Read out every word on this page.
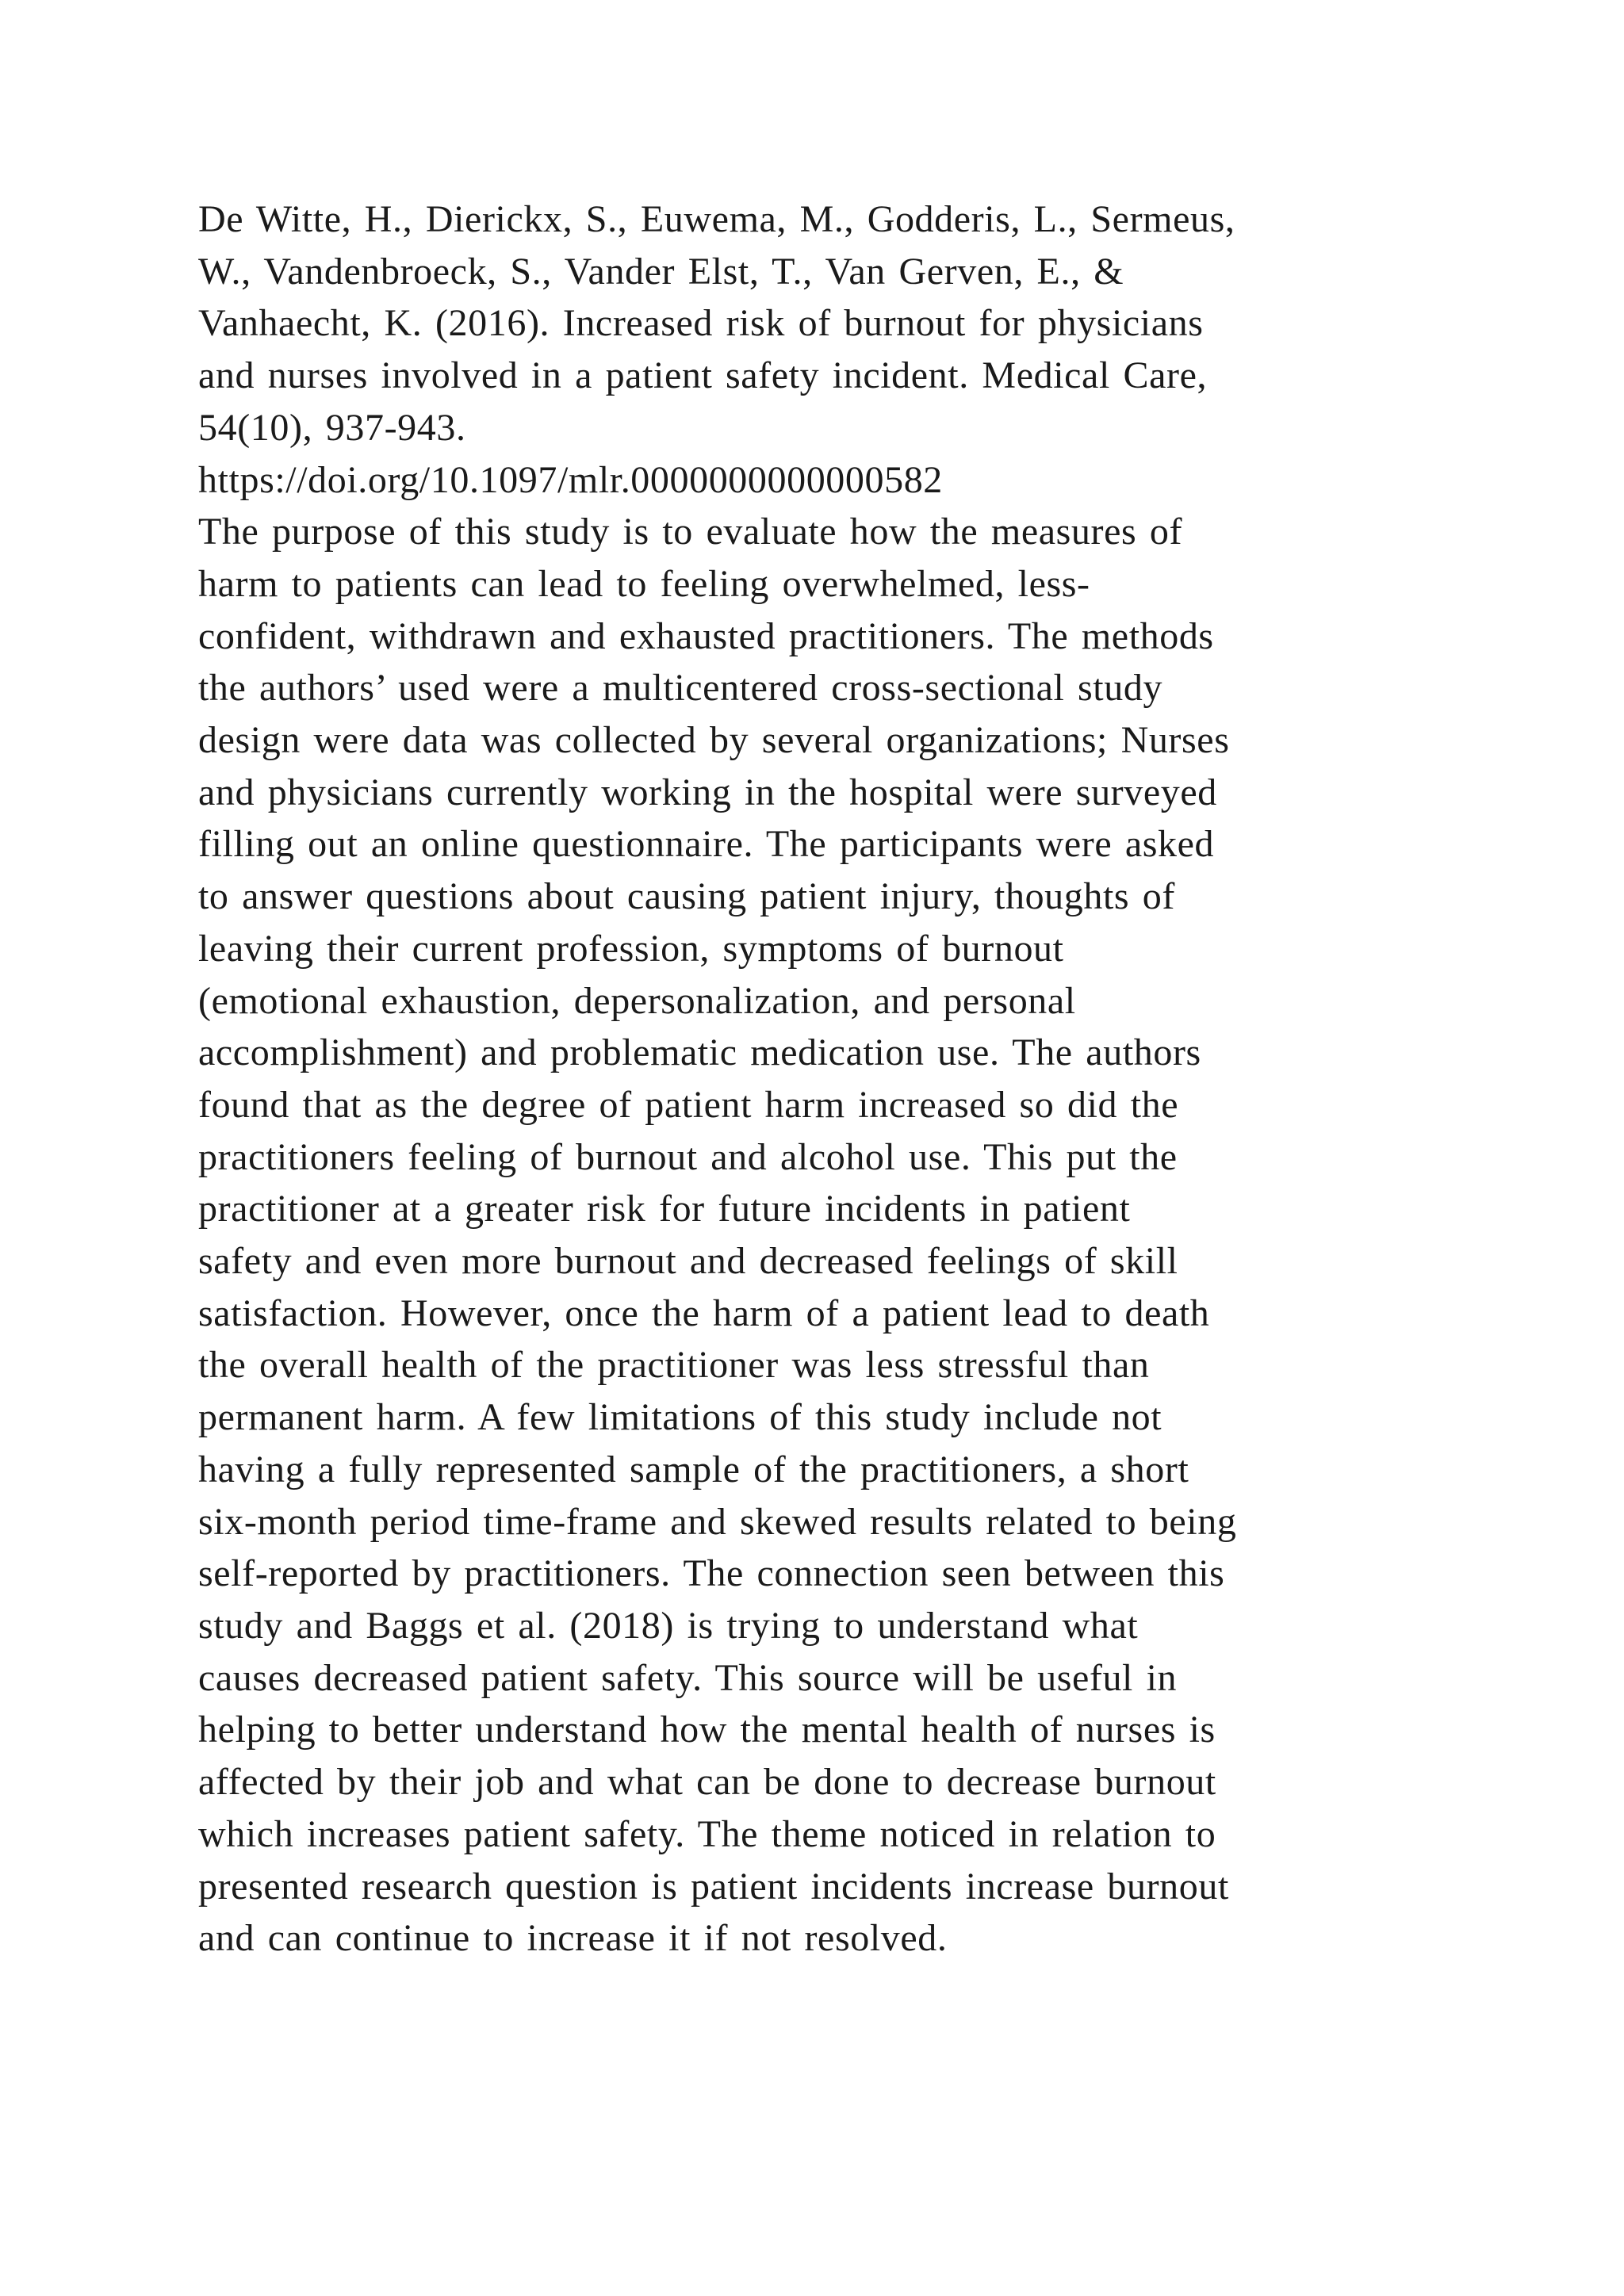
De Witte, H., Dierickx, S., Euwema, M., Godderis, L., Sermeus,
W., Vandenbroeck, S., Vander Elst, T., Van Gerven, E., &
Vanhaecht, K. (2016). Increased risk of burnout for physicians
and nurses involved in a patient safety incident. Medical Care,
54(10), 937-943.
https://doi.org/10.1097/mlr.0000000000000582
The purpose of this study is to evaluate how the measures of
harm to patients can lead to feeling overwhelmed, less-
confident, withdrawn and exhausted practitioners. The methods
the authors’ used were a multicentered cross-sectional study
design were data was collected by several organizations; Nurses
and physicians currently working in the hospital were surveyed
filling out an online questionnaire. The participants were asked
to answer questions about causing patient injury, thoughts of
leaving their current profession, symptoms of burnout
(emotional exhaustion, depersonalization, and personal
accomplishment) and problematic medication use. The authors
found that as the degree of patient harm increased so did the
practitioners feeling of burnout and alcohol use. This put the
practitioner at a greater risk for future incidents in patient
safety and even more burnout and decreased feelings of skill
satisfaction. However, once the harm of a patient lead to death
the overall health of the practitioner was less stressful than
permanent harm. A few limitations of this study include not
having a fully represented sample of the practitioners, a short
six-month period time-frame and skewed results related to being
self-reported by practitioners. The connection seen between this
study and Baggs et al. (2018) is trying to understand what
causes decreased patient safety. This source will be useful in
helping to better understand how the mental health of nurses is
affected by their job and what can be done to decrease burnout
which increases patient safety. The theme noticed in relation to
presented research question is patient incidents increase burnout
and can continue to increase it if not resolved.
